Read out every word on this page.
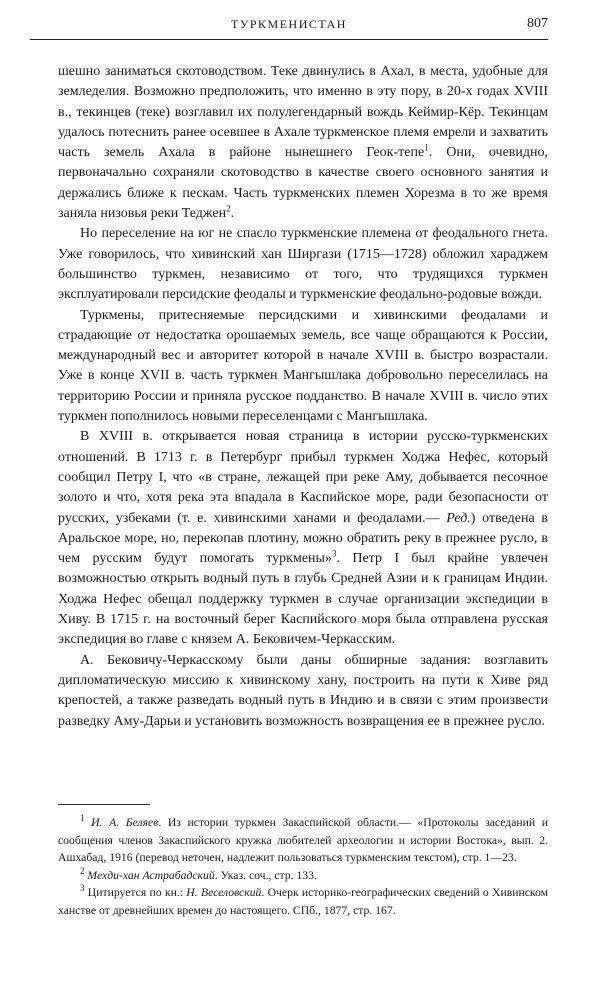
ТУРКМЕНИСТАН	807

шешно заниматься скотоводством. Теке двинулись в Ахал, в места, удобные для земледелия. Возможно предположить, что именно в эту пору, в 20-х годах XVIII в., текинцев (теке) возглавил их полулегендарный вождь Кеймир-Кёр. Текинцам удалось потеснить ранее осевшее в Ахале туркменское племя емрели и захватить часть земель Ахала в районе нынешнего Геок-тепе$^1$. Они, очевидно, первоначально сохраняли скотоводство в качестве своего основного занятия и держались ближе к пескам. Часть туркменских племен Хорезма в то же время заняла низовья реки Теджен$^2$.

Но переселение на юг не спасло туркменские племена от феодального гнета. Уже говорилось, что хивинский хан Ширгази (1715—1728) обложил хараджем большинство туркмен, независимо от того, что трудящихся туркмен эксплуатировали персидские феодалы и туркменские феодально-родовые вожди.

Туркмены, притесняемые персидскими и хивинскими феодалами и страдающие от недостатка орошаемых земель, все чаще обращаются к России, международный вес и авторитет которой в начале XVIII в. быстро возрастали. Уже в конце XVII в. часть туркмен Мангышлака добровольно переселилась на территорию России и приняла русское подданство. В начале XVIII в. число этих туркмен пополнилось новыми переселенцами с Мангышлака.

В XVIII в. открывается новая страница в истории русско-туркменских отношений. В 1713 г. в Петербург прибыл туркмен Ходжа Нефес, который сообщил Петру I, что «в стране, лежащей при реке Аму, добывается песочное золото и что, хотя река эта впадала в Каспийское море, ради безопасности от русских, узбеками (т. е. хивинскими ханами и феодалами.— Ред.) отведена в Аральское море, но, перекопав плотину, можно обратить реку в прежнее русло, в чем русским будут помогать туркмены»$^3$. Петр I был крайне увлечен возможностью открыть водный путь в глубь Средней Азии и к границам Индии. Ходжа Нефес обещал поддержку туркмен в случае организации экспедиции в Хиву. В 1715 г. на восточный берег Каспийского моря была отправлена русская экспедиция во главе с князем А. Бековичем-Черкасским.

А. Бековичу-Черкасскому были даны обширные задания: возглавить дипломатическую миссию к хивинскому хану, построить на пути к Хиве ряд крепостей, а также разведать водный путь в Индию и в связи с этим произвести разведку Аму-Дарьи и установить возможность возвращения ее в прежнее русло.

$^1$ И. А. Беляев. Из истории туркмен Закаспийской области.— «Протоколы заседаний и сообщения членов Закаспийского кружка любителей археологии и истории Востока», вып. 2. Ашхабад, 1916 (перевод неточен, надлежит пользоваться туркменским текстом), стр. 1—23.

$^2$ Мехди-хан Астрабадский. Указ. соч., стр. 133.

$^3$ Цитируется по кн.: Н. Веселовский. Очерк историко-географических сведений о Хивинском ханстве от древнейших времен до настоящего. СПб., 1877, стр. 167.
